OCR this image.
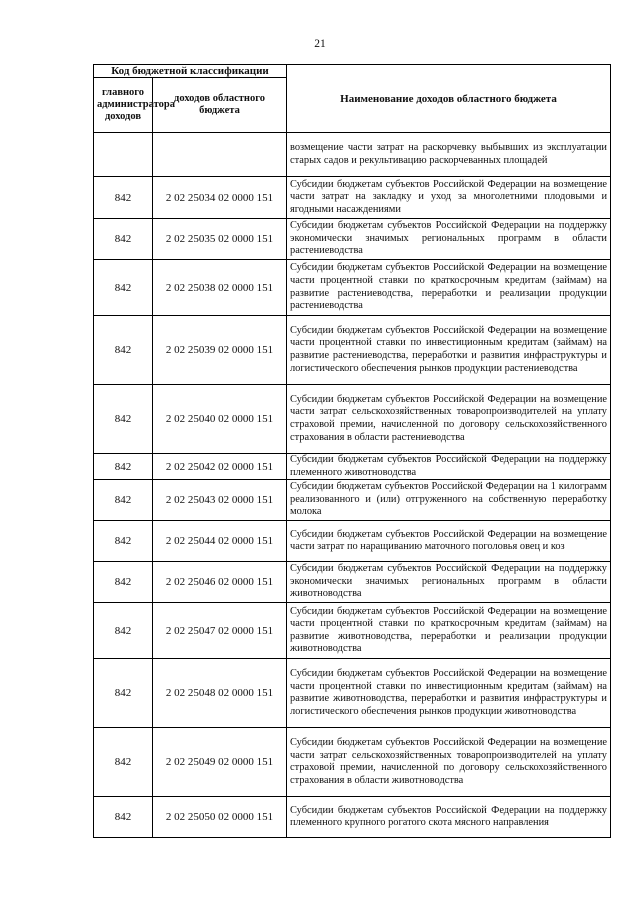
21
Код бюджетной классификации		Наименование доходов областного бюджета
главного администратора доходов	доходов областного бюджета	
		возмещение части затрат на раскорчевку выбывших из эксплуатации старых садов и рекультивацию раскорчеванных площадей
842	2 02 25034 02 0000 151	Субсидии бюджетам субъектов Российской Федерации на возмещение части затрат на закладку и уход за многолетними плодовыми и ягодными насаждениями
842	2 02 25035 02 0000 151	Субсидии бюджетам субъектов Российской Федерации на поддержку экономически значимых региональных программ в области растениеводства
842	2 02 25038 02 0000 151	Субсидии бюджетам субъектов Российской Федерации на возмещение части процентной ставки по краткосрочным кредитам (займам) на развитие растениеводства, переработки и реализации продукции растениеводства
842	2 02 25039 02 0000 151	Субсидии бюджетам субъектов Российской Федерации на возмещение части процентной ставки по инвестиционным кредитам (займам) на развитие растениеводства, переработки и развития инфраструктуры и логистического обеспечения рынков продукции растениеводства
842	2 02 25040 02 0000 151	Субсидии бюджетам субъектов Российской Федерации на возмещение части затрат сельскохозяйственных товаропроизводителей на уплату страховой премии, начисленной по договору сельскохозяйственного страхования в области растениеводства
842	2 02 25042 02 0000 151	Субсидии бюджетам субъектов Российской Федерации на поддержку племенного животноводства
842	2 02 25043 02 0000 151	Субсидии бюджетам субъектов Российской Федерации на 1 килограмм реализованного и (или) отгруженного на собственную переработку молока
842	2 02 25044 02 0000 151	Субсидии бюджетам субъектов Российской Федерации на возмещение части затрат по наращиванию маточного поголовья овец и коз
842	2 02 25046 02 0000 151	Субсидии бюджетам субъектов Российской Федерации на поддержку экономически значимых региональных программ в области животноводства
842	2 02 25047 02 0000 151	Субсидии бюджетам субъектов Российской Федерации на возмещение части процентной ставки по краткосрочным кредитам (займам) на развитие животноводства, переработки и реализации продукции животноводства
842	2 02 25048 02 0000 151	Субсидии бюджетам субъектов Российской Федерации на возмещение части процентной ставки по инвестиционным кредитам (займам) на развитие животноводства, переработки и развития инфраструктуры и логистического обеспечения рынков продукции животноводства
842	2 02 25049 02 0000 151	Субсидии бюджетам субъектов Российской Федерации на возмещение части затрат сельскохозяйственных товаропроизводителей на уплату страховой премии, начисленной по договору сельскохозяйственного страхования в области животноводства
842	2 02 25050 02 0000 151	Субсидии бюджетам субъектов Российской Федерации на поддержку племенного крупного рогатого скота мясного направления
